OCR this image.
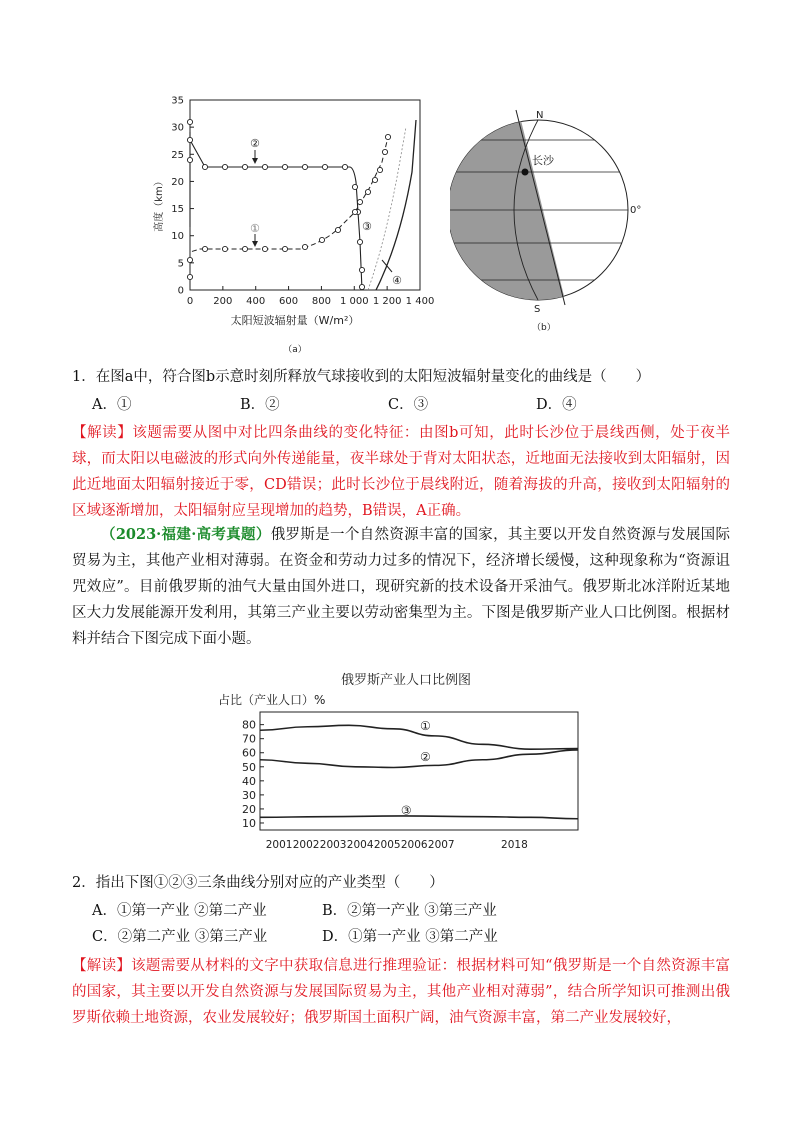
0
5
10
15
20
25
30
35
0 200 400 600 800 1 000 1 200 1 400
高度（km）
太阳短波辐射量（W/m²）
（a）
②
①	③
④
长沙
N
S
0°
（b）
1．在图a中，符合图b示意时刻所释放气球接收到的太阳短波辐射量变化的曲线是（　　）
A．①	B．②	C．③	D．④
【解读】该题需要从图中对比四条曲线的变化特征：由图b可知，此时长沙位于晨线西侧，处于夜半球，而太阳以电磁波的形式向外传递能量，夜半球处于背对太阳状态，近地面无法接收到太阳辐射，因此近地面太阳辐射接近于零，CD错误；此时长沙位于晨线附近，随着海拔的升高，接收到太阳辐射的区域逐渐增加，太阳辐射应呈现增加的趋势，B错误，A正确。
（2023·福建·高考真题）俄罗斯是一个自然资源丰富的国家，其主要以开发自然资源与发展国际贸易为主，其他产业相对薄弱。在资金和劳动力过多的情况下，经济增长缓慢，这种现象称为“资源诅咒效应”。目前俄罗斯的油气大量由国外进口，现研究新的技术设备开采油气。俄罗斯北冰洋附近某地区大力发展能源开发利用，其第三产业主要以劳动密集型为主。下图是俄罗斯产业人口比例图。根据材料并结合下图完成下面小题。
俄罗斯产业人口比例图
占比（产业人口）%
10
20
30
40
50
60
70
80
2001 2002 2003 2004 2005 2006 2007	2018
①
②
③
2．指出下图①②③三条曲线分别对应的产业类型（　　）
A．①第一产业 ②第二产业	B．②第一产业 ③第三产业
C．②第二产业 ③第三产业	D．①第一产业 ③第二产业
【解读】该题需要从材料的文字中获取信息进行推理验证：根据材料可知“俄罗斯是一个自然资源丰富的国家，其主要以开发自然资源与发展国际贸易为主，其他产业相对薄弱”，结合所学知识可推测出俄罗斯依赖土地资源，农业发展较好；俄罗斯国土面积广阔，油气资源丰富，第二产业发展较好，
